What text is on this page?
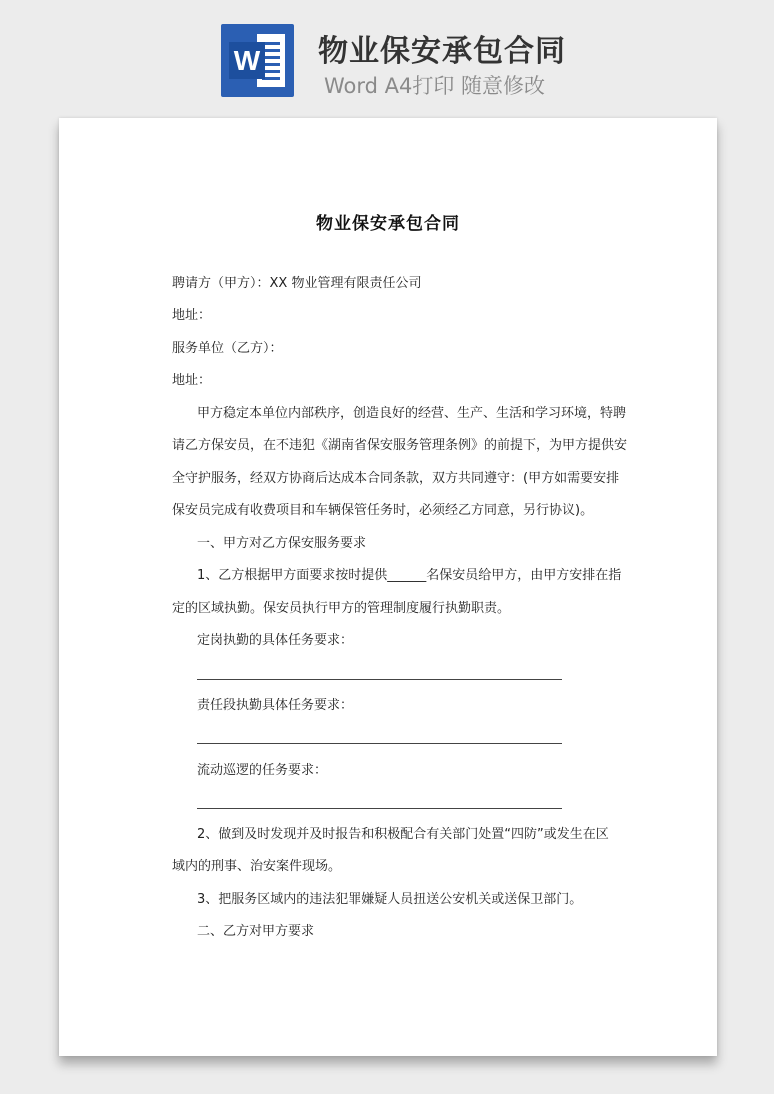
W 物业保安承包合同
Word A4打印 随意修改
物业保安承包合同
聘请方（甲方）：XX 物业管理有限责任公司
地址：
服务单位（乙方）：
地址：
甲方稳定本单位内部秩序，创造良好的经营、生产、生活和学习环境，特聘
请乙方保安员，在不违犯《湖南省保安服务管理条例》的前提下，为甲方提供安
全守护服务，经双方协商后达成本合同条款，双方共同遵守：(甲方如需要安排
保安员完成有收费项目和车辆保管任务时，必须经乙方同意，另行协议)。
一、甲方对乙方保安服务要求
1、乙方根据甲方面要求按时提供______名保安员给甲方，由甲方安排在指
定的区域执勤。保安员执行甲方的管理制度履行执勤职责。
定岗执勤的具体任务要求：
责任段执勤具体任务要求：
流动巡逻的任务要求：
2、做到及时发现并及时报告和积极配合有关部门处置“四防”或发生在区
域内的刑事、治安案件现场。
3、把服务区域内的违法犯罪嫌疑人员扭送公安机关或送保卫部门。
二、乙方对甲方要求
